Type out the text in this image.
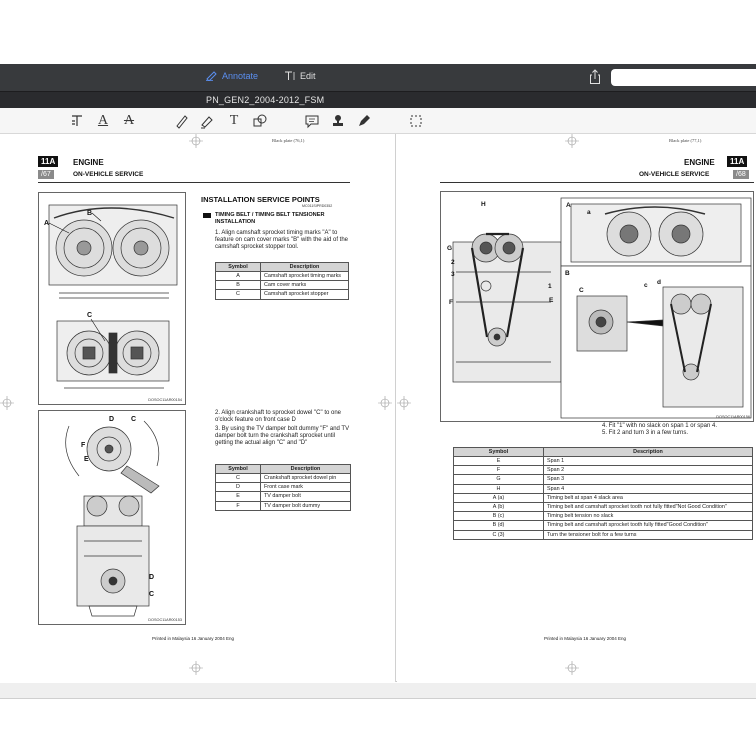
Annotate	Edit
PN_GEN2_2004-2012_FSM
A A	T
Black plate (76,1)
11A
/67
ENGINE
ON-VEHICLE SERVICE
A
B
C
DOSOC11AR00154
D C
E
F
D
C
DOSOC11AR00153
INSTALLATION SERVICE POINTS
MC011SIPRD0352
TIMING BELT / TIMING BELT TENSIONER INSTALLATION
1. Align camshaft sprocket timing marks "A" to feature on cam cover marks "B" with the aid of the camshaft sprocket stopper tool.
Symbol	Description
A	Camshaft sprocket timing marks
B	Cam cover marks
C	Camshaft sprocket stopper
2. Align crankshaft to sprocket dowel "C" to one o'clock feature on front case D
3. By using the TV damper bolt dummy "F" and TV damper bolt turn the crankshaft sprocket until getting the actual align "C" and "D"
Symbol	Description
C	Crankshaft sprocket dowel pin
D	Front case mark
E	TV damper bolt
F	TV damper bolt dummy
Printed in Malaysia 16 January 2004 Eng
Black plate (77,1)
ENGINE
ON-VEHICLE SERVICE
11A
/68
H
G
2
3
F
1
E
A
a
B
C
c d
DOSOC11AR00156
4. Fit "1" with no slack on span 1 or span 4.
5. Fit 2 and turn 3 in a few turns.
Symbol	Description
E	Span 1
F	Span 2
G	Span 3
H	Span 4
A (a)	Timing belt at span 4 slack area
A (b)	Timing belt and camshaft sprocket tooth not fully fitted"Not Good Condition"
B (c)	Timing belt tension no slack
B (d)	Timing belt and camshaft sprocket tooth fully fitted"Good Condition"
C (3)	Turn the tensioner bolt for a few turns
Printed in Malaysia 16 January 2004 Eng
